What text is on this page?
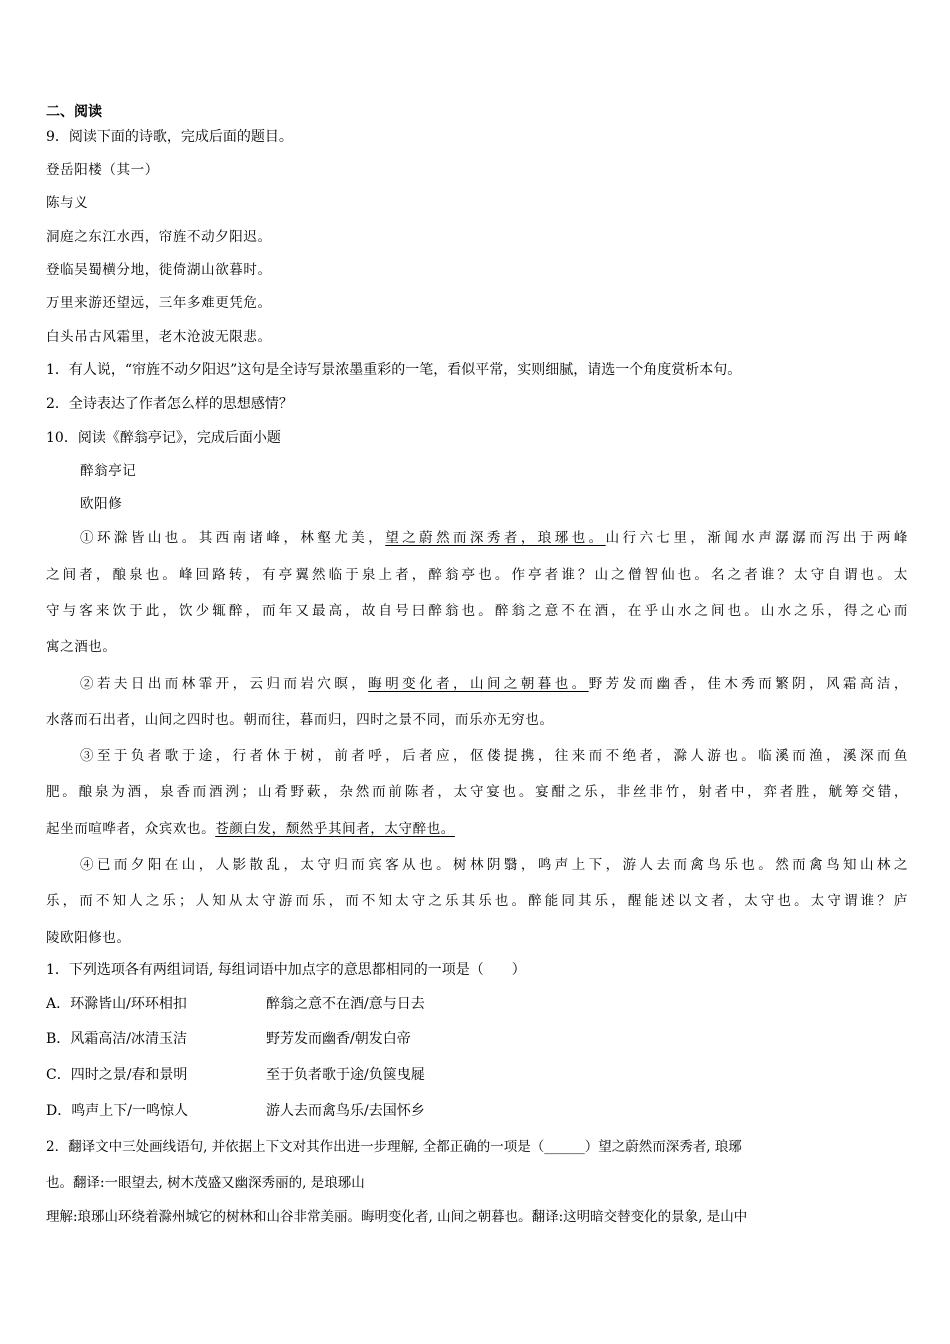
二、阅读
9．阅读下面的诗歌，完成后面的题目。
登岳阳楼（其一）
陈与义
洞庭之东江水西，帘旌不动夕阳迟。
登临吴蜀横分地，徙倚湖山欲暮时。
万里来游还望远，三年多难更凭危。
白头吊古风霜里，老木沧波无限悲。
1．有人说，“帘旌不动夕阳迟”这句是全诗写景浓墨重彩的一笔，看似平常，实则细腻，请选一个角度赏析本句。
2．全诗表达了作者怎么样的思想感情？
10．阅读《醉翁亭记》，完成后面小题
醉翁亭记
欧阳修
①环滁皆山也。其西南诸峰，林壑尤美，望之蔚然而深秀者，琅琊也。山行六七里，渐闻水声潺潺而泻出于两峰
之间者，酿泉也。峰回路转，有亭翼然临于泉上者，醉翁亭也。作亭者谁？山之僧智仙也。名之者谁？太守自谓也。太
守与客来饮于此，饮少辄醉，而年又最高，故自号曰醉翁也。醉翁之意不在酒，在乎山水之间也。山水之乐，得之心而
寓之酒也。
②若夫日出而林霏开，云归而岩穴暝，晦明变化者，山间之朝暮也。野芳发而幽香，佳木秀而繁阴，风霜高洁，
水落而石出者，山间之四时也。朝而往，暮而归，四时之景不同，而乐亦无穷也。
③至于负者歌于途，行者休于树，前者呼，后者应，伛偻提携，往来而不绝者，滁人游也。临溪而渔，溪深而鱼
肥。酿泉为酒，泉香而酒洌；山肴野蔌，杂然而前陈者，太守宴也。宴酣之乐，非丝非竹，射者中，弈者胜，觥筹交错，
起坐而喧哗者，众宾欢也。苍颜白发，颓然乎其间者，太守醉也。
④已而夕阳在山，人影散乱，太守归而宾客从也。树林阴翳，鸣声上下，游人去而禽鸟乐也。然而禽鸟知山林之
乐，而不知人之乐；人知从太守游而乐，而不知太守之乐其乐也。醉能同其乐，醒能述以文者，太守也。太守谓谁？庐
陵欧阳修也。
1．下列选项各有两组词语, 每组词语中加点字的意思都相同的一项是（　　）
A．环滁皆山/环环相扣	醉翁之意不在酒/意与日去
B．风霜高洁/冰清玉洁	野芳发而幽香/朝发白帝
C．四时之景/春和景明	至于负者歌于途/负箧曳屣
D．鸣声上下/一鸣惊人	游人去而禽鸟乐/去国怀乡
2．翻译文中三处画线语句, 并依据上下文对其作出进一步理解, 全都正确的一项是（______）望之蔚然而深秀者, 琅琊
也。翻译:一眼望去, 树木茂盛又幽深秀丽的, 是琅琊山
理解:琅琊山环绕着滁州城它的树林和山谷非常美丽。晦明变化者, 山间之朝暮也。翻译:这明暗交替变化的景象, 是山中
